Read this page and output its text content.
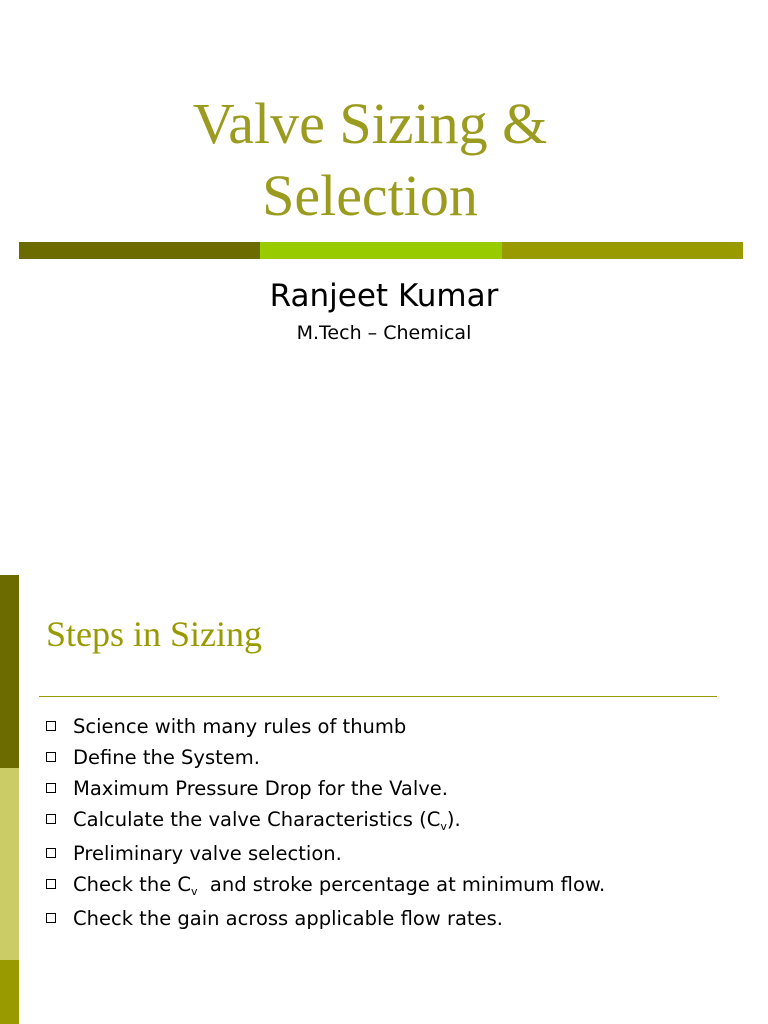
Valve Sizing &
Selection
Ranjeet Kumar
M.Tech – Chemical
Steps in Sizing
Science with many rules of thumb
Define the System.
Maximum Pressure Drop for the Valve.
Calculate the valve Characteristics $(C_v)$.
Preliminary valve selection.
Check the $C_v$  and stroke percentage at minimum flow.
Check the gain across applicable flow rates.
